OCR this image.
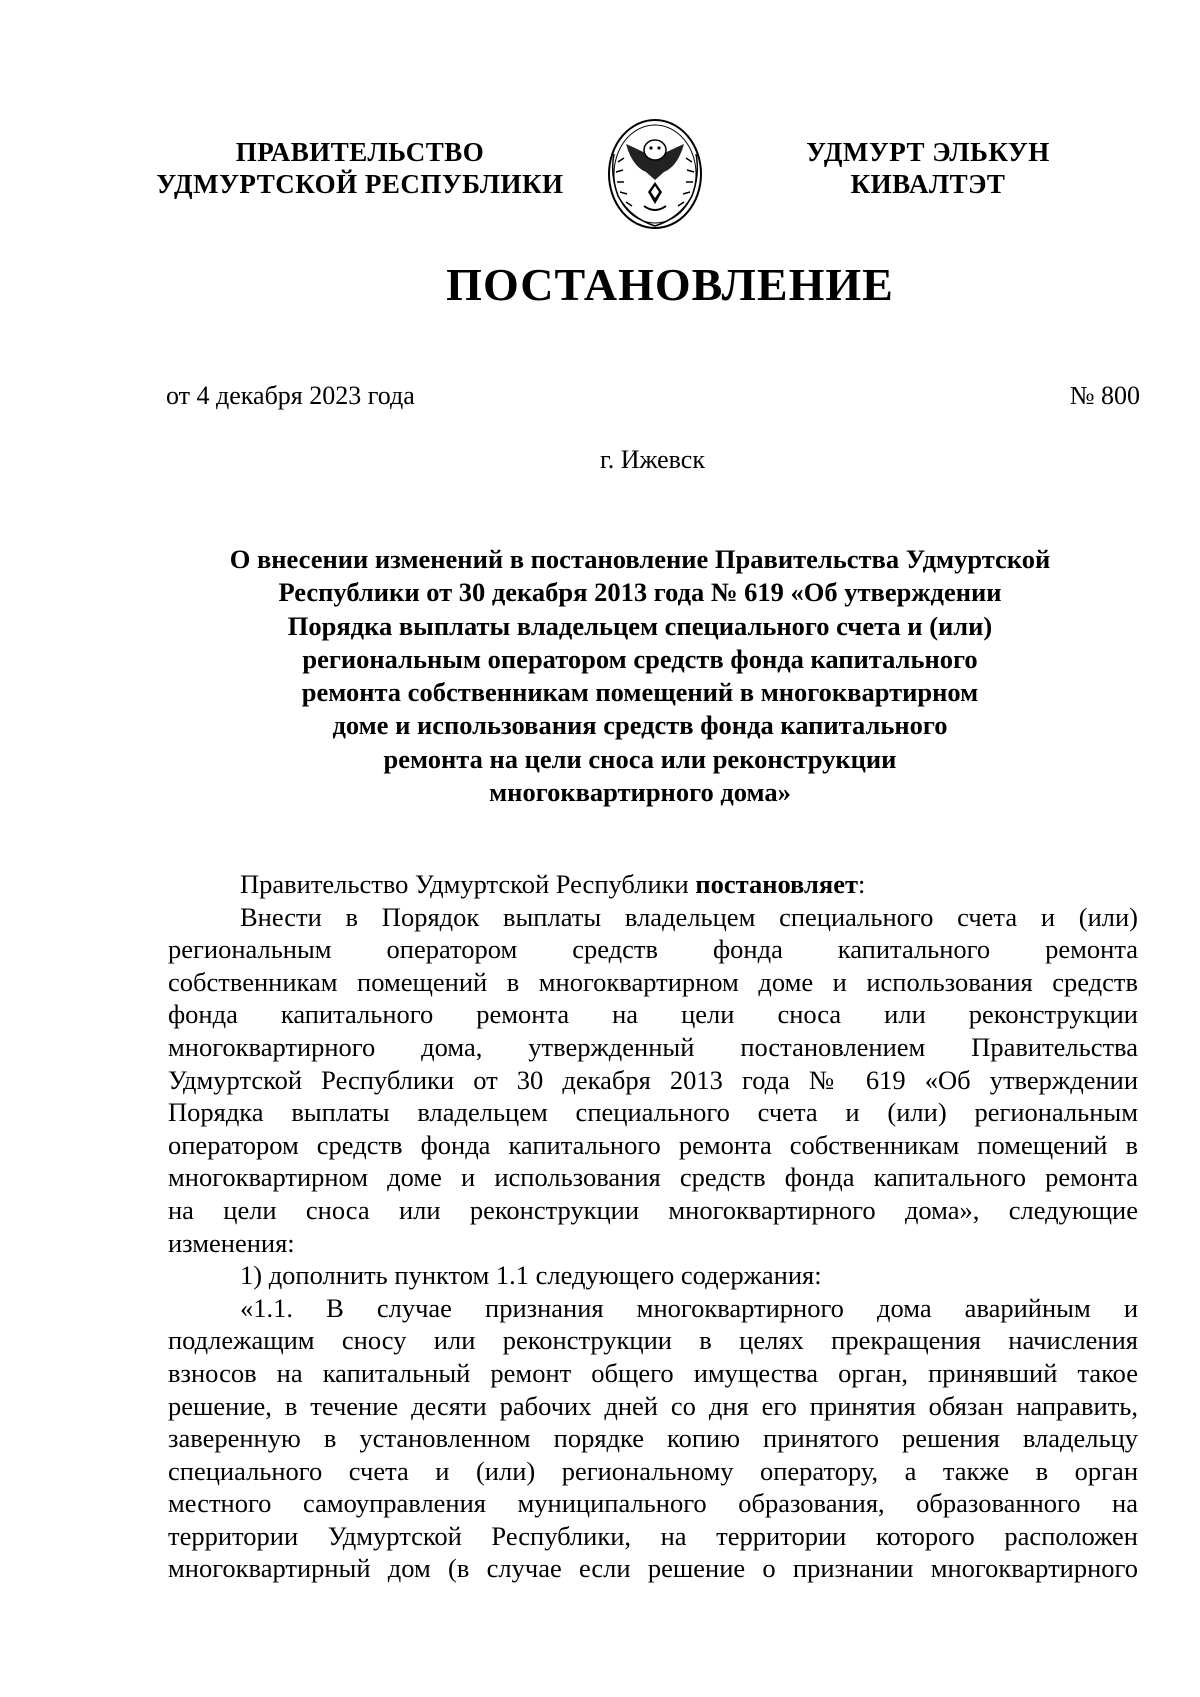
ПРАВИТЕЛЬСТВО
УДМУРТСКОЙ РЕСПУБЛИКИ
УДМУРТ ЭЛЬКУН
КИВАЛТЭТ
ПОСТАНОВЛЕНИЕ
от 4 декабря 2023 года	№ 800
г. Ижевск
О внесении изменений в постановление Правительства Удмуртской
Республики от 30 декабря 2013 года № 619 «Об утверждении
Порядка выплаты владельцем специального счета и (или)
региональным оператором средств фонда капитального
ремонта собственникам помещений в многоквартирном
доме и использования средств фонда капитального
ремонта на цели сноса или реконструкции
многоквартирного дома»
Правительство Удмуртской Республики постановляет:
Внести в Порядок выплаты владельцем специального счета и (или)
региональным оператором средств фонда капитального ремонта
собственникам помещений в многоквартирном доме и использования средств
фонда капитального ремонта на цели сноса или реконструкции
многоквартирного дома, утвержденный постановлением Правительства
Удмуртской Республики от 30 декабря 2013 года № 619 «Об утверждении
Порядка выплаты владельцем специального счета и (или) региональным
оператором средств фонда капитального ремонта собственникам помещений в
многоквартирном доме и использования средств фонда капитального ремонта
на цели сноса или реконструкции многоквартирного дома», следующие
изменения:
1) дополнить пунктом 1.1 следующего содержания:
«1.1. В случае признания многоквартирного дома аварийным и
подлежащим сносу или реконструкции в целях прекращения начисления
взносов на капитальный ремонт общего имущества орган, принявший такое
решение, в течение десяти рабочих дней со дня его принятия обязан направить,
заверенную в установленном порядке копию принятого решения владельцу
специального счета и (или) региональному оператору, а также в орган
местного самоуправления муниципального образования, образованного на
территории Удмуртской Республики, на территории которого расположен
многоквартирный дом (в случае если решение о признании многоквартирного
